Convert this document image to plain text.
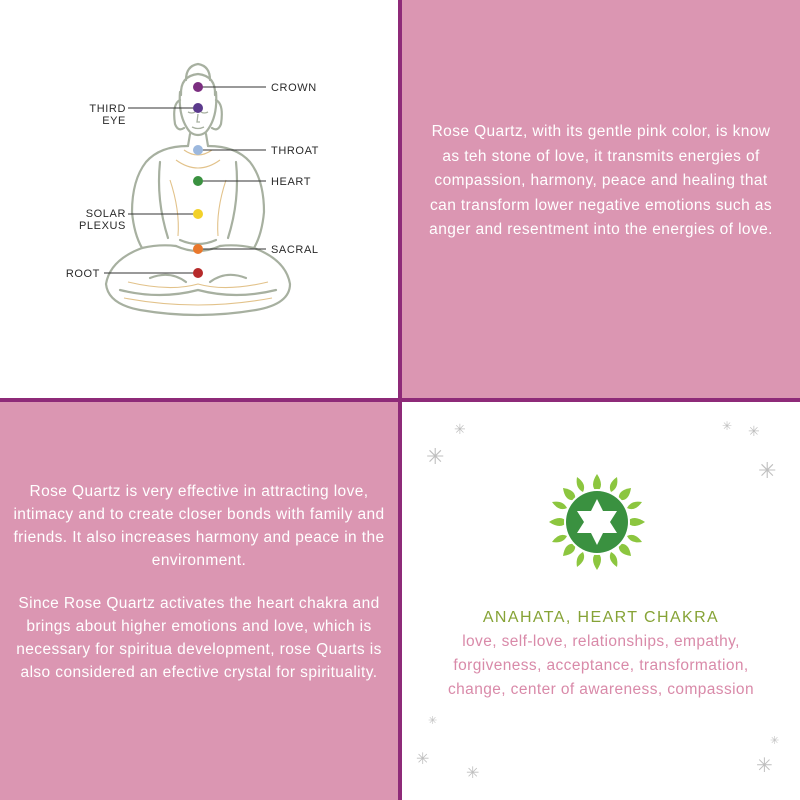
CROWN
THIRD
EYE
THROAT
HEART
SOLAR
PLEXUS
SACRAL
ROOT
Rose Quartz, with its gentle pink color, is know as teh stone of love, it transmits energies of compassion, harmony, peace and healing that can transform lower negative emotions such as anger and resentment into the energies of love.

Rose Quartz is very effective in attracting love, intimacy and to create closer bonds with family and friends. It also increases harmony and peace in the environment.

Since Rose Quartz activates the heart chakra and brings about higher emotions and love, which is necessary for spiritua development, rose Quarts is also considered an efective crystal for spirituality.

✳
✳
✳ ✳
✳
✳
✳
✳
✳
✳
ANAHATA, HEART CHAKRA
love, self-love, relationships, empathy, forgiveness, acceptance, transformation, change, center of awareness, compassion
